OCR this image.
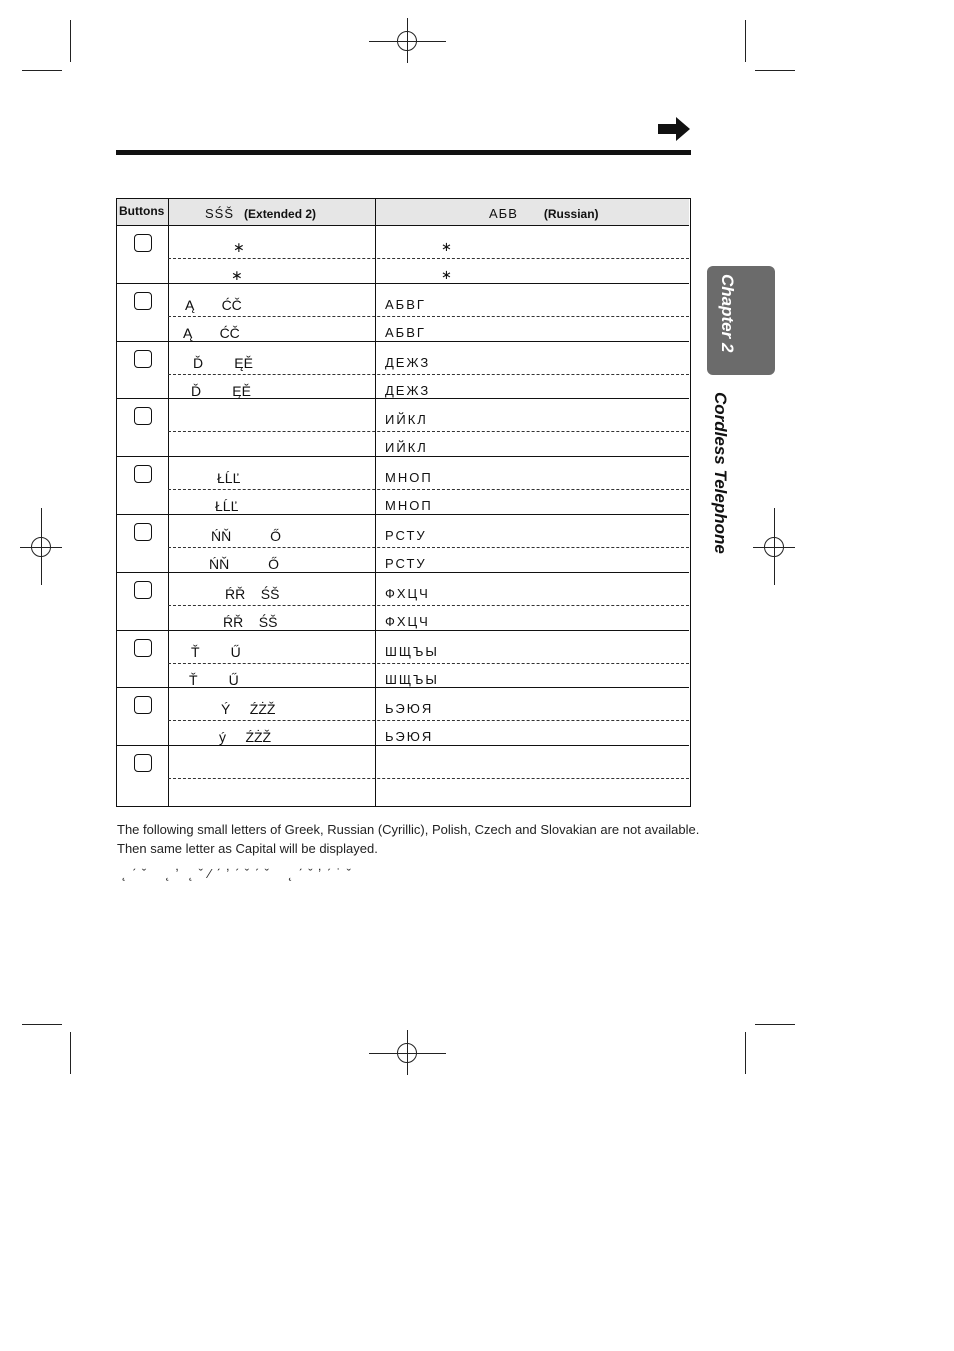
Chapter 2
Cordless Telephone
Buttons	SŚŠ (Extended 2)	АБВ (Russian)
∗
∗
∗
∗
Ą       ĆČ
Ą       ĆČ
АБВГ
АБВГ
Ď        ĘĚ
Ď        ĘĚ
ДЕЖЗ
ДЕЖЗ
ИЙКЛ
ИЙКЛ
ŁĹĽ
ŁĹĽ
МНОП
МНОП
ŃŇ          Ő
ŃŇ          Ő
РСТУ
РСТУ
ŔŘ    ŚŠ
ŔŘ    ŚŠ
ФХЦЧ
ФХЦЧ
Ť        Ű
Ť        Ű
ШЩЪЫ
ШЩЪЫ
Ý     ŹŻŽ
ý     ŹŻŽ
ЬЭЮЯ
ЬЭЮЯ
The following small letters of Greek, Russian (Cyrillic), Polish, Czech and Slovakian are not available.
Then same letter as Capital will be displayed.
˛ ˊ ˇ    ˛ ʼ  ˛ ˇ ⁄ ˊ ʼ ˊ ˇ ˊ ˇ    ˛ ˊ ˇ ʼ ˊ ˙ ˇ
